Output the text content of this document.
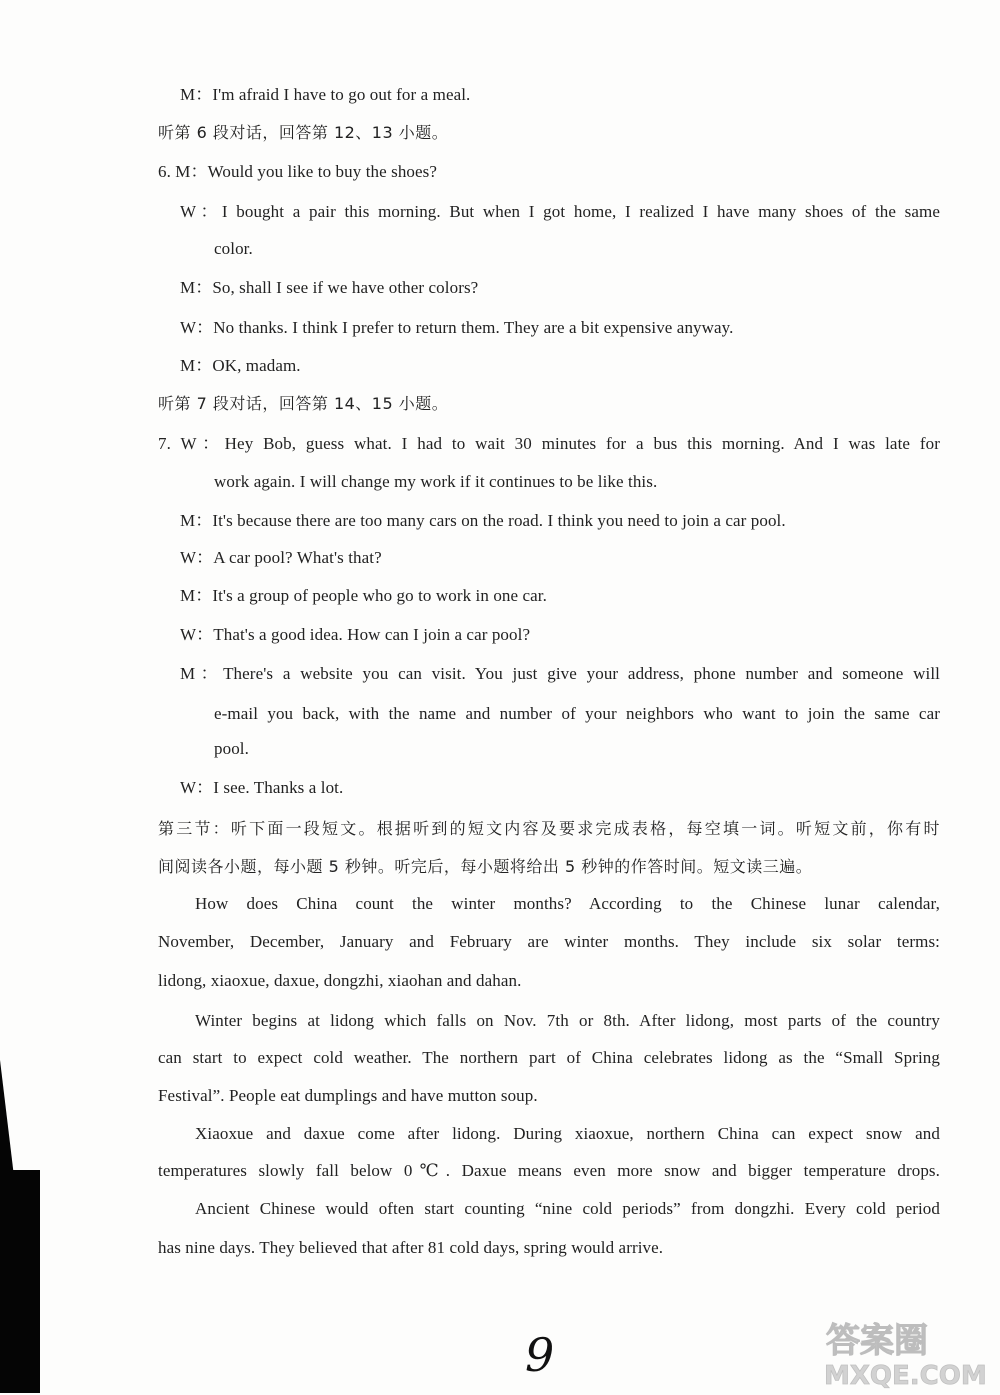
M：I'm afraid I have to go out for a meal.
听第 6 段对话，回答第 12、13 小题。
6. M：Would you like to buy the shoes?
W：I bought a pair this morning. But when I got home, I realized I have many shoes of the same
color.
M：So, shall I see if we have other colors?
W：No thanks. I think I prefer to return them. They are a bit expensive anyway.
M：OK, madam.
听第 7 段对话，回答第 14、15 小题。
7. W：Hey Bob, guess what. I had to wait 30 minutes for a bus this morning. And I was late for
work again. I will change my work if it continues to be like this.
M：It's because there are too many cars on the road. I think you need to join a car pool.
W：A car pool? What's that?
M：It's a group of people who go to work in one car.
W：That's a good idea. How can I join a car pool?
M：There's a website you can visit. You just give your address, phone number and someone will
e-mail you back, with the name and number of your neighbors who want to join the same car
pool.
W：I see. Thanks a lot.
第三节：听下面一段短文。根据听到的短文内容及要求完成表格，每空填一词。听短文前，你有时
间阅读各小题，每小题 5 秒钟。听完后，每小题将给出 5 秒钟的作答时间。短文读三遍。
How does China count the winter months? According to the Chinese lunar calendar,
November, December, January and February are winter months. They include six solar terms:
lidong, xiaoxue, daxue, dongzhi, xiaohan and dahan.
Winter begins at lidong which falls on Nov. 7th or 8th. After lidong, most parts of the country
can start to expect cold weather. The northern part of China celebrates lidong as the “Small Spring
Festival”. People eat dumplings and have mutton soup.
Xiaoxue and daxue come after lidong. During xiaoxue, northern China can expect snow and
temperatures slowly fall below 0℃. Daxue means even more snow and bigger temperature drops.
Ancient Chinese would often start counting “nine cold periods” from dongzhi. Every cold period
has nine days. They believed that after 81 cold days, spring would arrive.
9	答案圈
MXQE.COM
